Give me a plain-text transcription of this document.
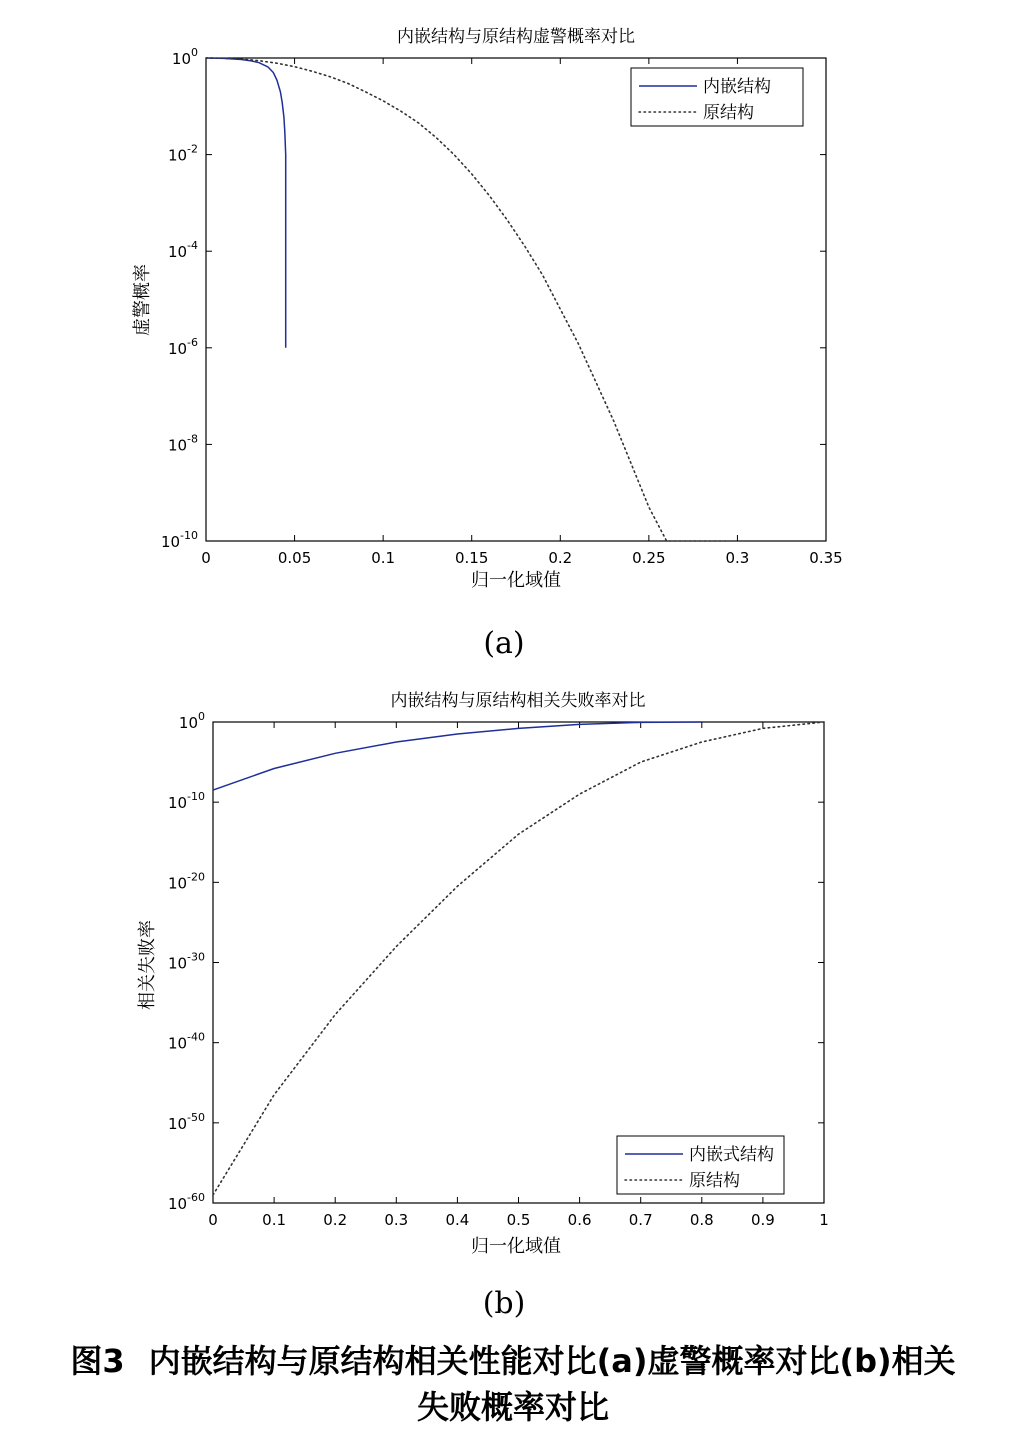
内嵌结构与原结构虚警概率对比
0	0.05	0.1	0.15	0.2	0.25	0.3	0.35
$10^0$
$10^{-2}$
$10^{-4}$
$10^{-6}$
$10^{-8}$
$10^{-10}$
归一化域值
虚警概率
内嵌结构
原结构
内嵌结构与原结构相关失败率对比
0	0.1 0.2 0.3 0.4 0.5 0.6 0.7 0.8 0.9	1
$10^0$
$10^{-10}$
$10^{-20}$
$10^{-30}$
$10^{-40}$
$10^{-50}$
$10^{-60}$
归一化域值
相关失败率
内嵌式结构
原结构
(a)
(b)
图3 内嵌结构与原结构相关性能对比(a)虚警概率对比(b)相关
失败概率对比
